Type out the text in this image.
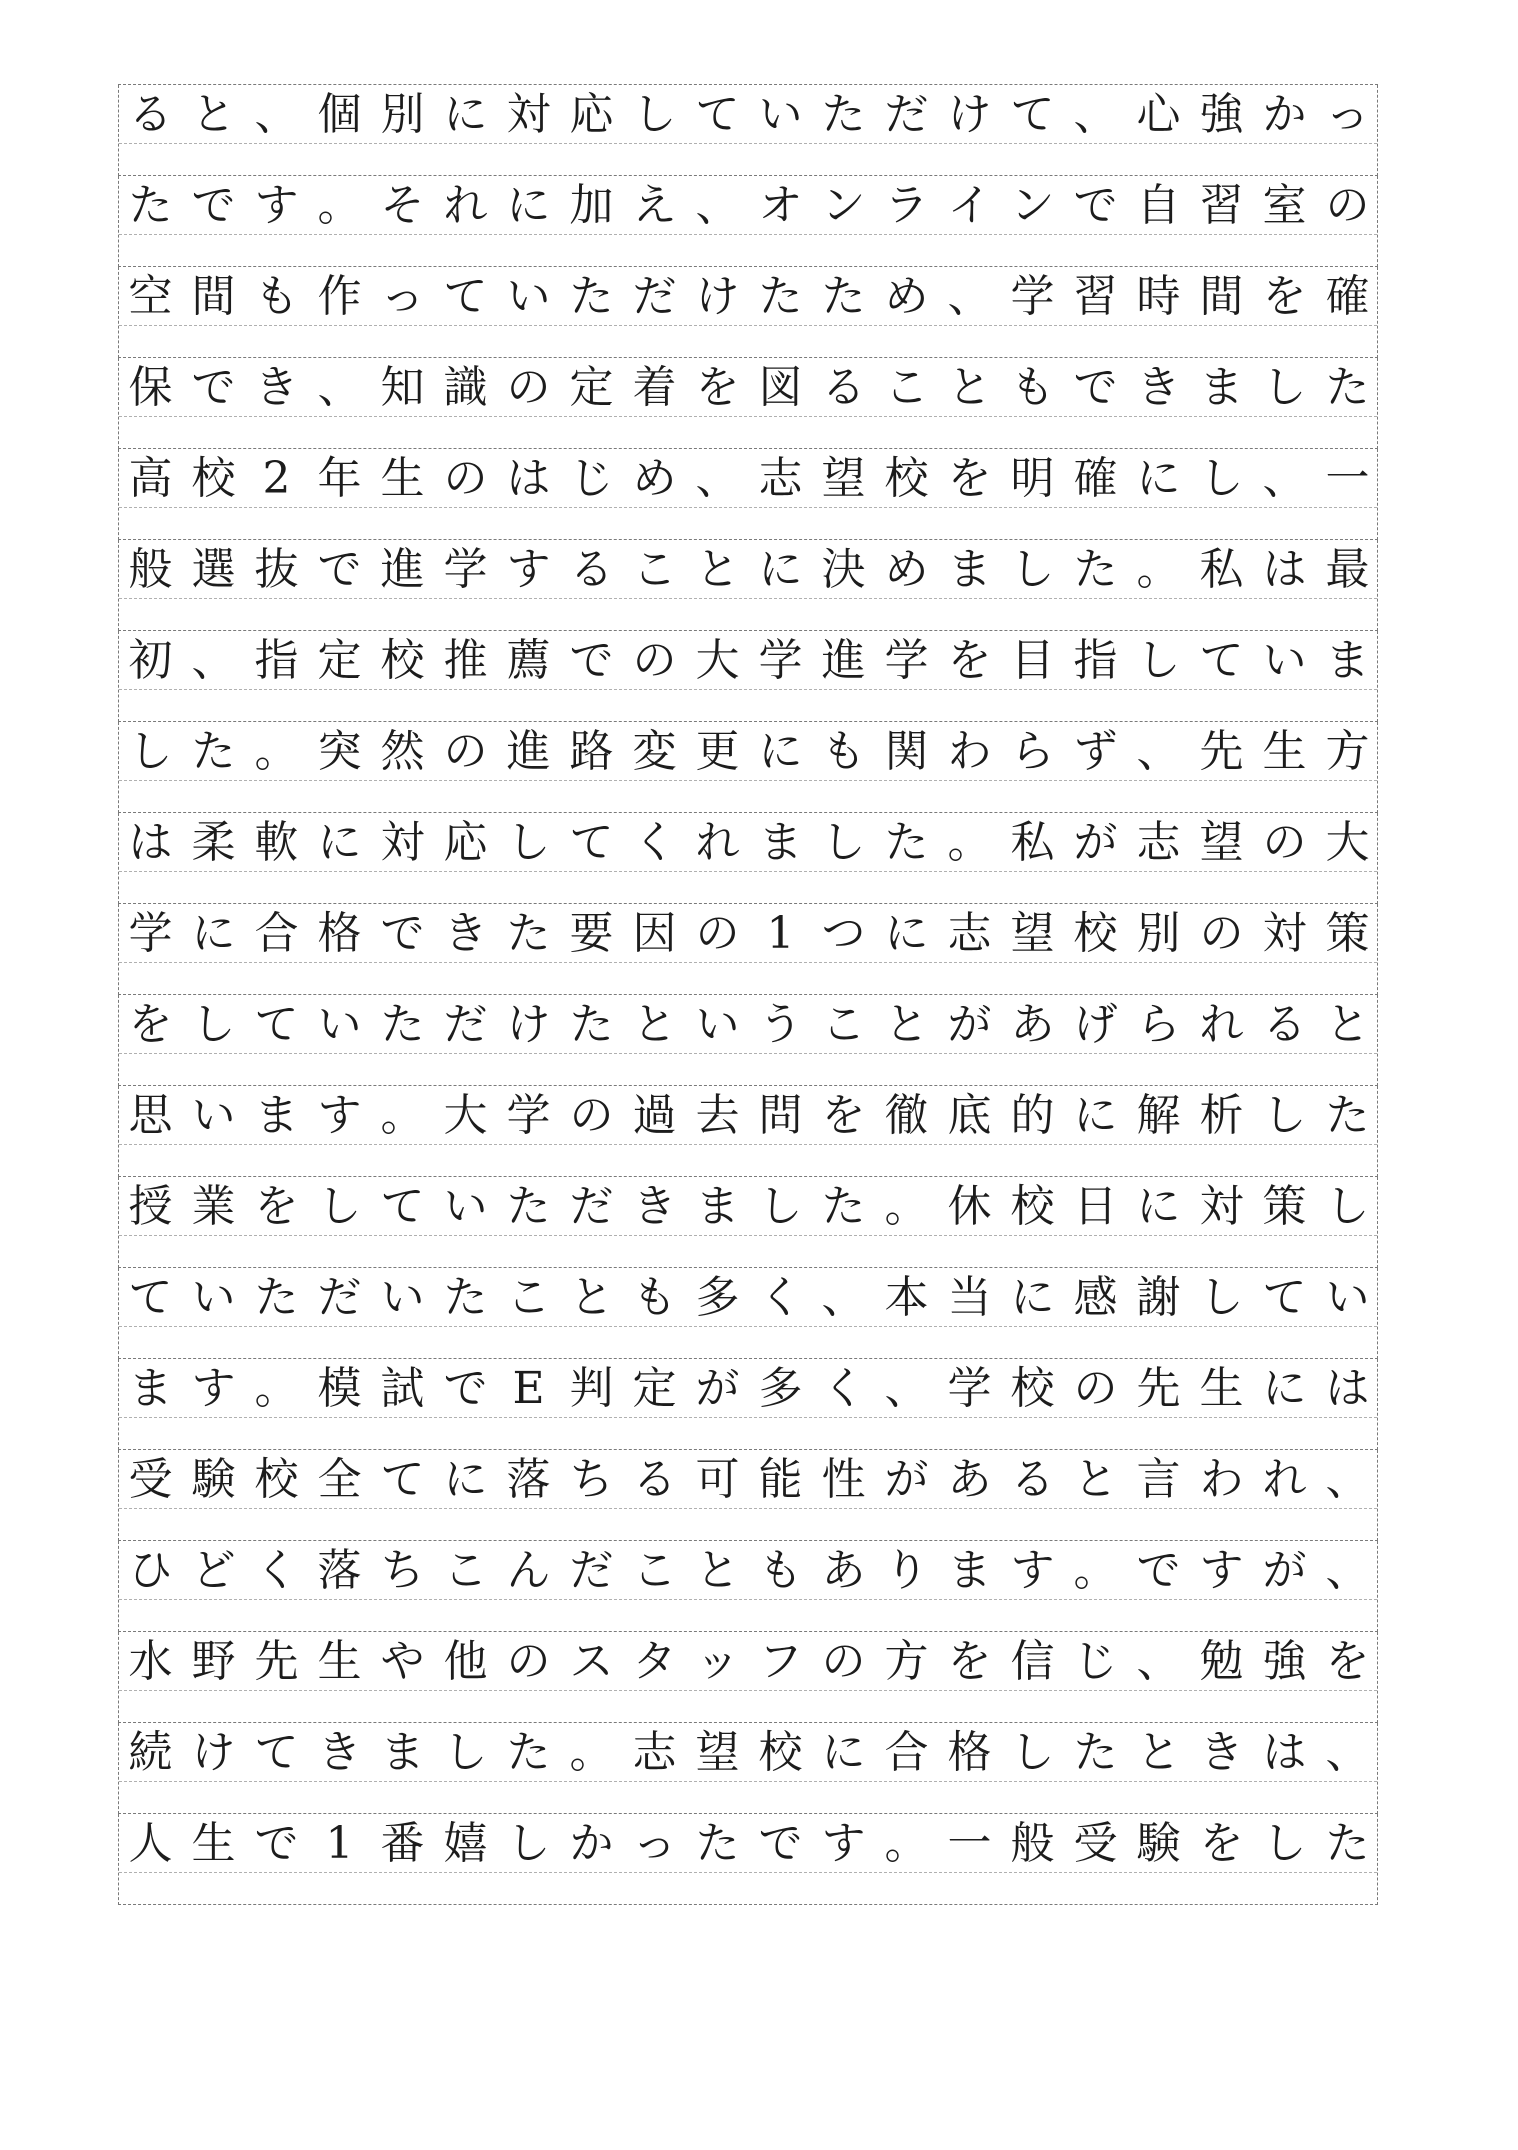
る と 、 個 別 に 対 応 し て い た だ け て 、 心 強 か っ
た で す 。 そ れ に 加 え 、 オ ン ラ イ ン で 自 習 室 の
空 間 も 作 っ て い た だ け た た め 、 学 習 時 間 を 確
保 で き 、 知 識 の 定 着 を 図 る こ と も で き ま し た
高 校 2 年 生 の は じ め 、 志 望 校 を 明 確 に し 、 一
般 選 抜 で 進 学 す る こ と に 決 め ま し た 。 私 は 最
初 、 指 定 校 推 薦 で の 大 学 進 学 を 目 指 し て い ま
し た 。 突 然 の 進 路 変 更 に も 関 わ ら ず 、 先 生 方
は 柔 軟 に 対 応 し て く れ ま し た 。 私 が 志 望 の 大
学 に 合 格 で き た 要 因 の 1 つ に 志 望 校 別 の 対 策
を し て い た だ け た と い う こ と が あ げ ら れ る と
思 い ま す 。 大 学 の 過 去 問 を 徹 底 的 に 解 析 し た
授 業 を し て い た だ き ま し た 。 休 校 日 に 対 策 し
て い た だ い た こ と も 多 く 、 本 当 に 感 謝 し て い
ま す 。 模 試 で E 判 定 が 多 く 、 学 校 の 先 生 に は
受 験 校 全 て に 落 ち る 可 能 性 が あ る と 言 わ れ 、
ひ ど く 落 ち こ ん だ こ と も あ り ま す 。 で す が 、
水 野 先 生 や 他 の ス タ ッ フ の 方 を 信 じ 、 勉 強 を
続 け て き ま し た 。 志 望 校 に 合 格 し た と き は 、
人 生 で 1 番 嬉 し か っ た で す 。 一 般 受 験 を し た
